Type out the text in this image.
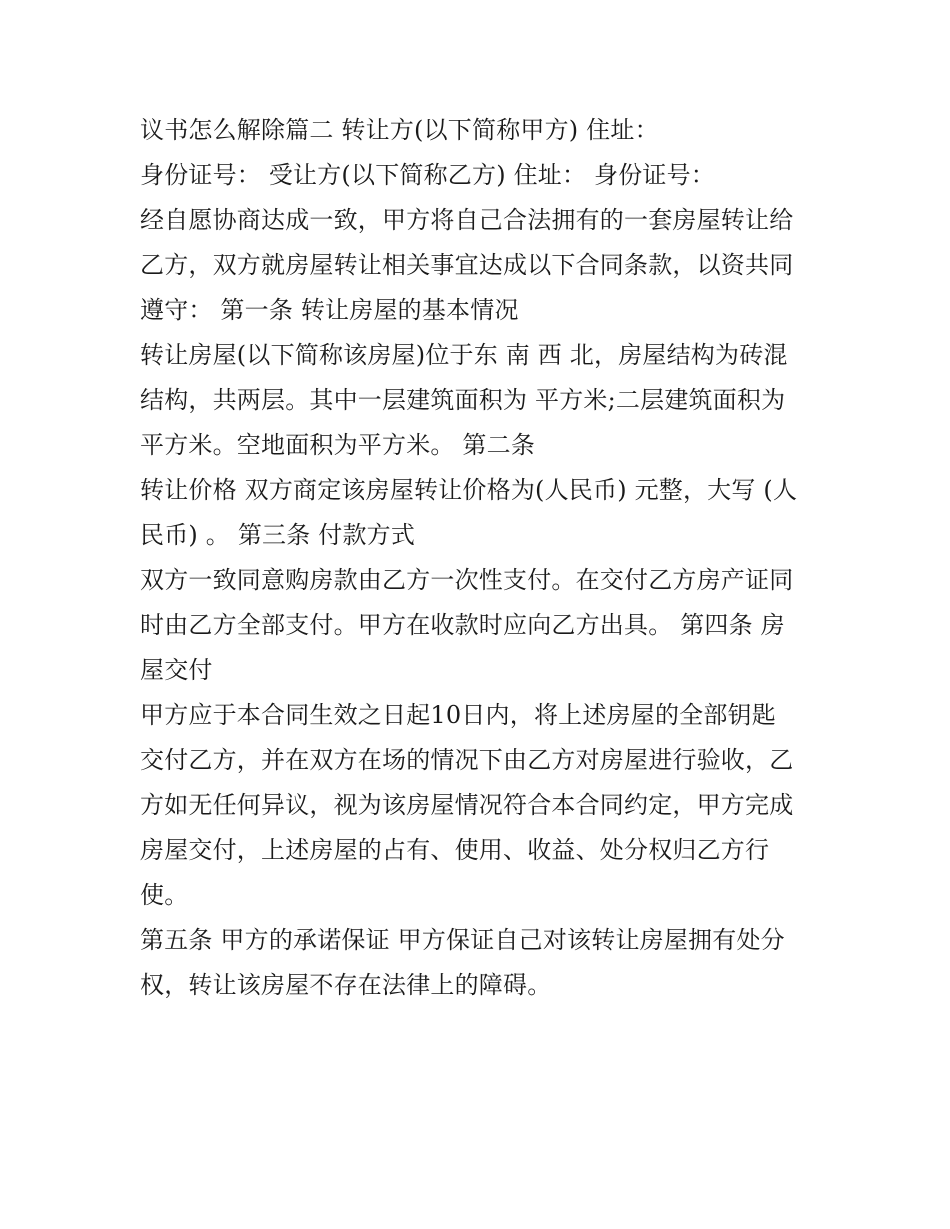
议书怎么解除篇二 转让方(以下简称甲方) 住址：

身份证号： 受让方(以下简称乙方) 住址： 身份证号：

经自愿协商达成一致，甲方将自己合法拥有的一套房屋转让给
乙方，双方就房屋转让相关事宜达成以下合同条款，以资共同
遵守： 第一条 转让房屋的基本情况

转让房屋(以下简称该房屋)位于东 南 西 北，房屋结构为砖混
结构，共两层。其中一层建筑面积为 平方米;二层建筑面积为
平方米。空地面积为平方米。 第二条

转让价格 双方商定该房屋转让价格为(人民币) 元整，大写 (人
民币) 。 第三条 付款方式

双方一致同意购房款由乙方一次性支付。在交付乙方房产证同
时由乙方全部支付。甲方在收款时应向乙方出具。 第四条 房
屋交付

甲方应于本合同生效之日起10日内，将上述房屋的全部钥匙
交付乙方，并在双方在场的情况下由乙方对房屋进行验收，乙
方如无任何异议，视为该房屋情况符合本合同约定，甲方完成
房屋交付，上述房屋的占有、使用、收益、处分权归乙方行
使。

第五条 甲方的承诺保证 甲方保证自己对该转让房屋拥有处分
权，转让该房屋不存在法律上的障碍。
